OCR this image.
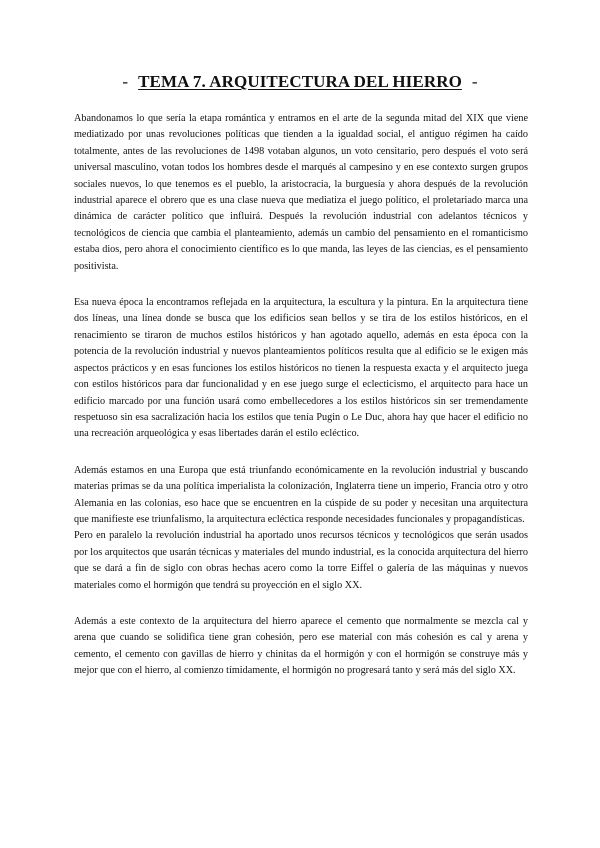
- TEMA 7. ARQUITECTURA DEL HIERRO -

Abandonamos lo que sería la etapa romántica y entramos en el arte de la segunda mitad del XIX que viene mediatizado por unas revoluciones políticas que tienden a la igualdad social, el antiguo régimen ha caído totalmente, antes de las revoluciones de 1498 votaban algunos, un voto censitario, pero después el voto será universal masculino, votan todos los hombres desde el marqués al campesino y en ese contexto surgen grupos sociales nuevos, lo que tenemos es el pueblo, la aristocracia, la burguesía y ahora después de la revolución industrial aparece el obrero que es una clase nueva que mediatiza el juego político, el proletariado marca una dinámica de carácter político que influirá. Después la revolución industrial con adelantos técnicos y tecnológicos de ciencia que cambia el planteamiento, además un cambio del pensamiento en el romanticismo estaba dios, pero ahora el conocimiento científico es lo que manda, las leyes de las ciencias, es el pensamiento positivista.

Esa nueva época la encontramos reflejada en la arquitectura, la escultura y la pintura. En la arquitectura tiene dos líneas, una línea donde se busca que los edificios sean bellos y se tira de los estilos históricos, en el renacimiento se tiraron de muchos estilos históricos y han agotado aquello, además en esta época con la potencia de la revolución industrial y nuevos planteamientos políticos resulta que al edificio se le exigen más aspectos prácticos y en esas funciones los estilos históricos no tienen la respuesta exacta y el arquitecto juega con estilos históricos para dar funcionalidad y en ese juego surge el eclecticismo, el arquitecto para hace un edificio marcado por una función usará como embellecedores a los estilos históricos sin ser tremendamente respetuoso sin esa sacralización hacia los estilos que tenía Pugin o Le Duc, ahora hay que hacer el edificio no una recreación arqueológica y esas libertades darán el estilo ecléctico.

Además estamos en una Europa que está triunfando económicamente en la revolución industrial y buscando materias primas se da una política imperialista la colonización, Inglaterra tiene un imperio, Francia otro y otro Alemania en las colonias, eso hace que se encuentren en la cúspide de su poder y necesitan una arquitectura que manifieste ese triunfalismo, la arquitectura ecléctica responde necesidades funcionales y propagandísticas.

Pero en paralelo la revolución industrial ha aportado unos recursos técnicos y tecnológicos que serán usados por los arquitectos que usarán técnicas y materiales del mundo industrial, es la conocida arquitectura del hierro que se dará a fin de siglo con obras hechas acero como la torre Eiffel o galería de las máquinas y nuevos materiales como el hormigón que tendrá su proyección en el siglo XX.

Además a este contexto de la arquitectura del hierro aparece el cemento que normalmente se mezcla cal y arena que cuando se solidifica tiene gran cohesión, pero ese material con más cohesión es cal y arena y cemento, el cemento con gavillas de hierro y chinitas da el hormigón y con el hormigón se construye más y mejor que con el hierro, al comienzo tímidamente, el hormigón no progresará tanto y será más del siglo XX.
